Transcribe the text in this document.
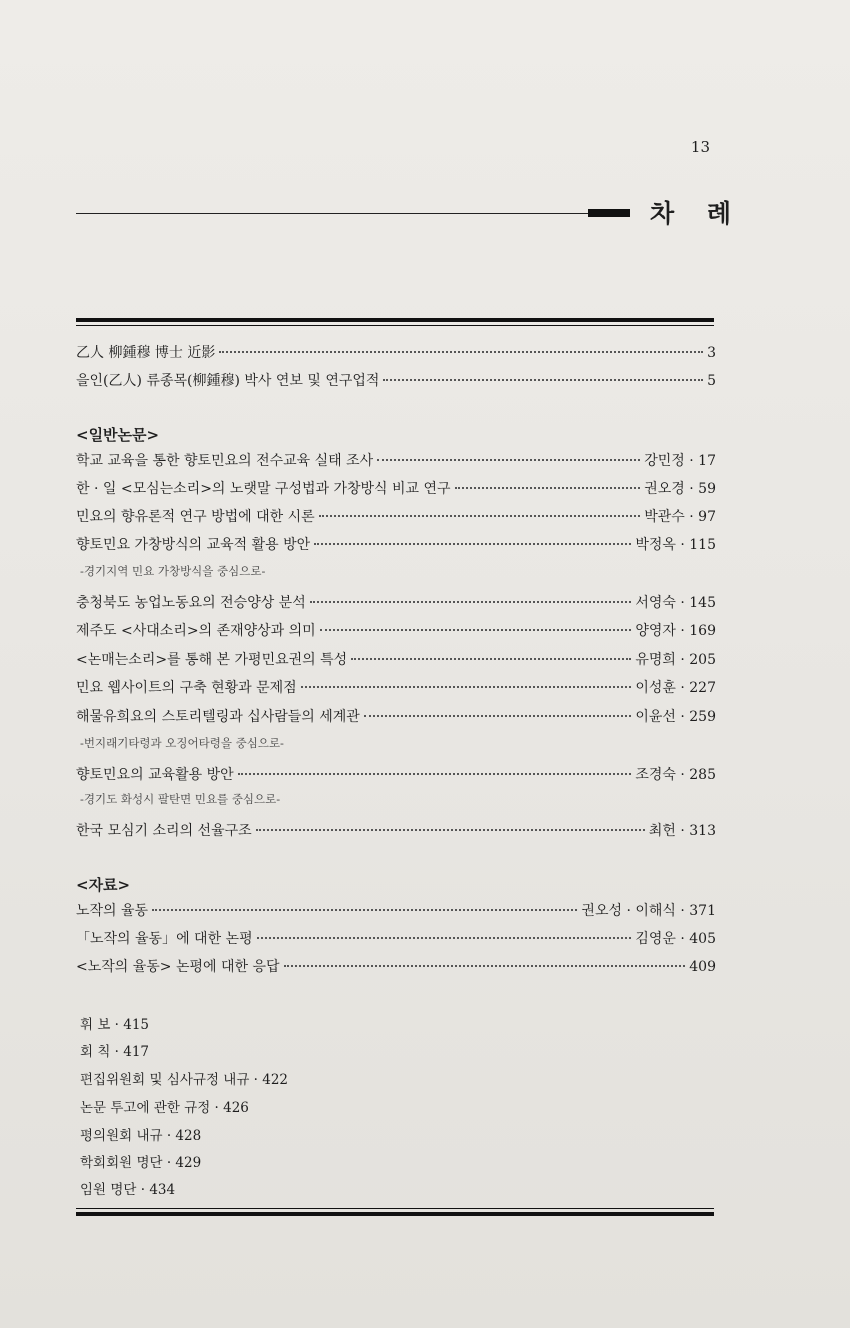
13
차 례
乙人 柳鍾穆 博士 近影	3
을인(乙人) 류종목(柳鍾穆) 박사 연보 및 연구업적	5
<일반논문>
학교 교육을 통한 향토민요의 전수교육 실태 조사	강민정 · 17
한 · 일 <모심는소리>의 노랫말 구성법과 가창방식 비교 연구	권오경 · 59
민요의 향유론적 연구 방법에 대한 시론	박관수 · 97
향토민요 가창방식의 교육적 활용 방안	박정옥 · 115
-경기지역 민요 가창방식을 중심으로-
충청북도 농업노동요의 전승양상 분석	서영숙 · 145
제주도 <사대소리>의 존재양상과 의미	양영자 · 169
<논매는소리>를 통해 본 가평민요권의 특성	유명희 · 205
민요 웹사이트의 구축 현황과 문제점	이성훈 · 227
해물유희요의 스토리텔링과 십사람들의 세계관	이윤선 · 259
-번지래기타령과 오징어타령을 중심으로-
향토민요의 교육활용 방안	조경숙 · 285
-경기도 화성시 팔탄면 민요를 중심으로-
한국 모심기 소리의 선율구조	최헌 · 313
<자료>
노작의 율동	권오성 · 이해식 · 371
「노작의 율동」에 대한 논평	김영운 · 405
<노작의 율동> 논평에 대한 응답	409
휘 보 · 415
회 칙 · 417
편집위원회 및 심사규정 내규 · 422
논문 투고에 관한 규정 · 426
평의원회 내규 · 428
학회회원 명단 · 429
임원 명단 · 434
